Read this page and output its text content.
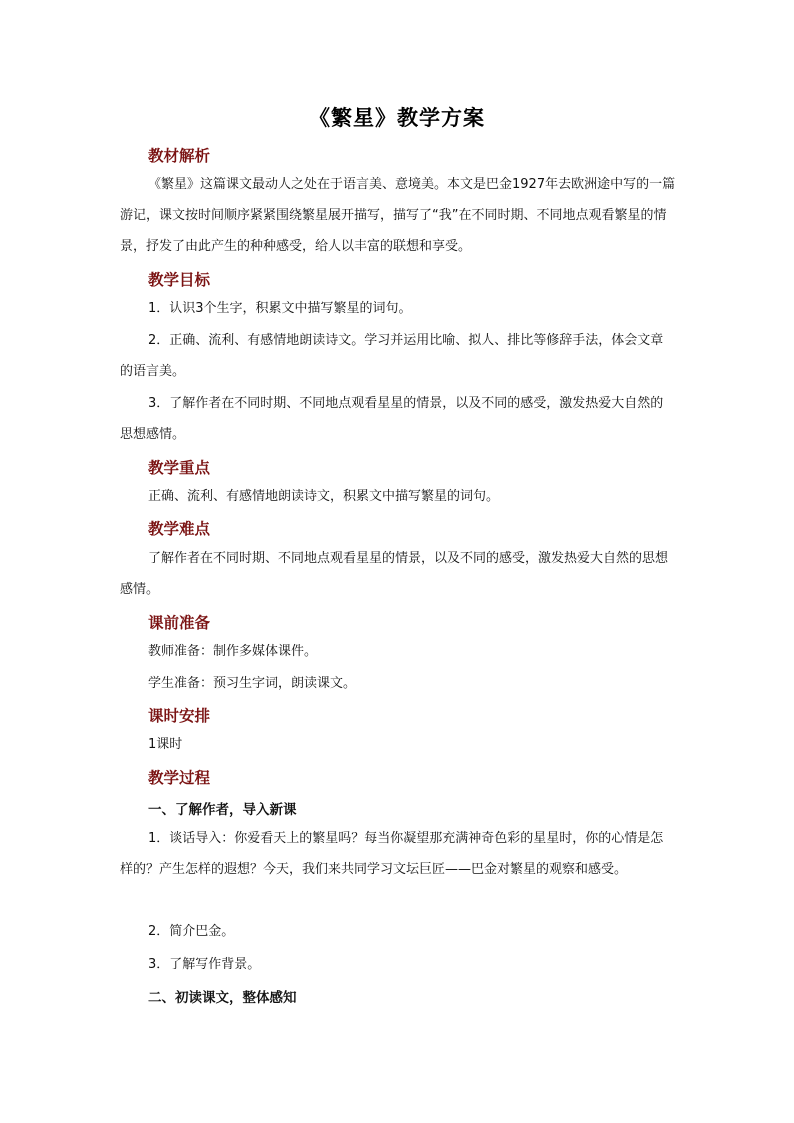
《繁星》教学方案
教材解析
《繁星》这篇课文最动人之处在于语言美、意境美。本文是巴金1927年去欧洲途中写的一篇游记，课文按时间顺序紧紧围绕繁星展开描写，描写了“我”在不同时期、不同地点观看繁星的情景，抒发了由此产生的种种感受，给人以丰富的联想和享受。
教学目标
1．认识3个生字，积累文中描写繁星的词句。
2．正确、流利、有感情地朗读诗文。学习并运用比喻、拟人、排比等修辞手法，体会文章的语言美。
3．了解作者在不同时期、不同地点观看星星的情景，以及不同的感受，激发热爱大自然的思想感情。
教学重点
正确、流利、有感情地朗读诗文，积累文中描写繁星的词句。
教学难点
了解作者在不同时期、不同地点观看星星的情景，以及不同的感受，激发热爱大自然的思想感情。
课前准备
教师准备：制作多媒体课件。
学生准备：预习生字词，朗读课文。
课时安排
1课时
教学过程
一、了解作者，导入新课
1．谈话导入：你爱看天上的繁星吗？每当你凝望那充满神奇色彩的星星时，你的心情是怎样的？产生怎样的遐想？今天，我们来共同学习文坛巨匠——巴金对繁星的观察和感受。
2．简介巴金。
3．了解写作背景。
二、初读课文，整体感知
